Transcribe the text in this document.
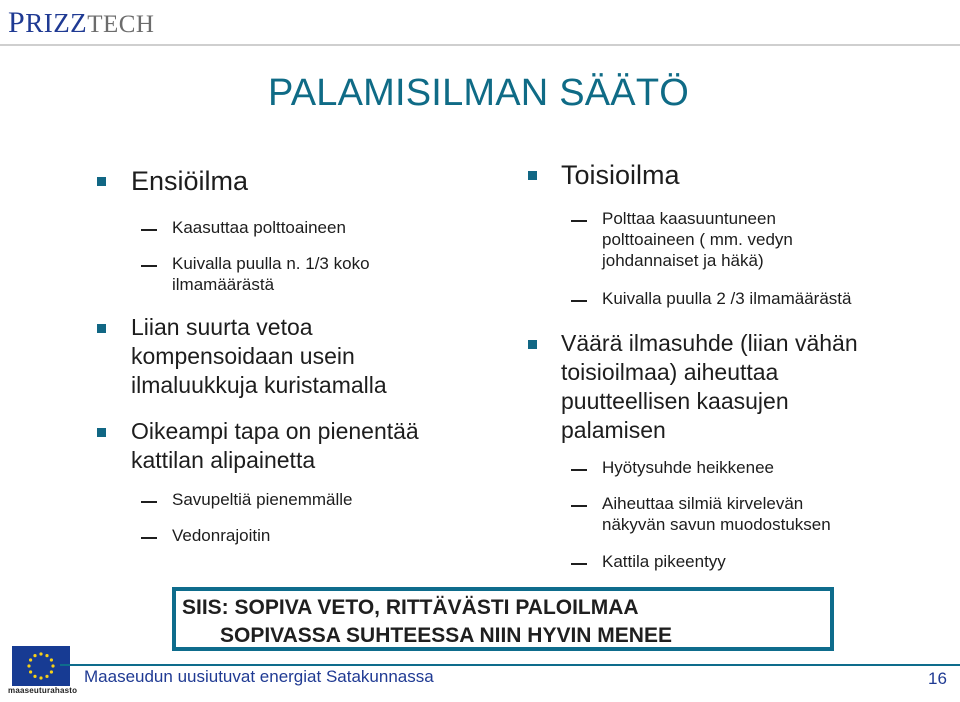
PRIZZTECH
PALAMISILMAN SÄÄTÖ
Ensiöilma
Kaasuttaa polttoaineen
Kuivalla puulla n. 1/3 koko
ilmamäärästä
Liian suurta vetoa
kompensoidaan usein
ilmaluukkuja kuristamalla
Oikeampi tapa on pienentää
kattilan alipainetta
Savupeltiä pienemmälle
Vedonrajoitin
Toisioilma
Polttaa kaasuuntuneen
polttoaineen ( mm. vedyn
johdannaiset ja häkä)
Kuivalla puulla 2 /3 ilmamäärästä
Väärä ilmasuhde (liian vähän
toisioilmaa) aiheuttaa
puutteellisen kaasujen
palamisen
Hyötysuhde heikkenee
Aiheuttaa silmiä kirvelevän
näkyvän savun muodostuksen
Kattila pikeentyy
SIIS: SOPIVA VETO, RITTÄVÄSTI PALOILMAA
SOPIVASSA SUHTEESSA NIIN HYVIN MENEE
maaseuturahasto
Maaseudun uusiutuvat energiat Satakunnassa	16
